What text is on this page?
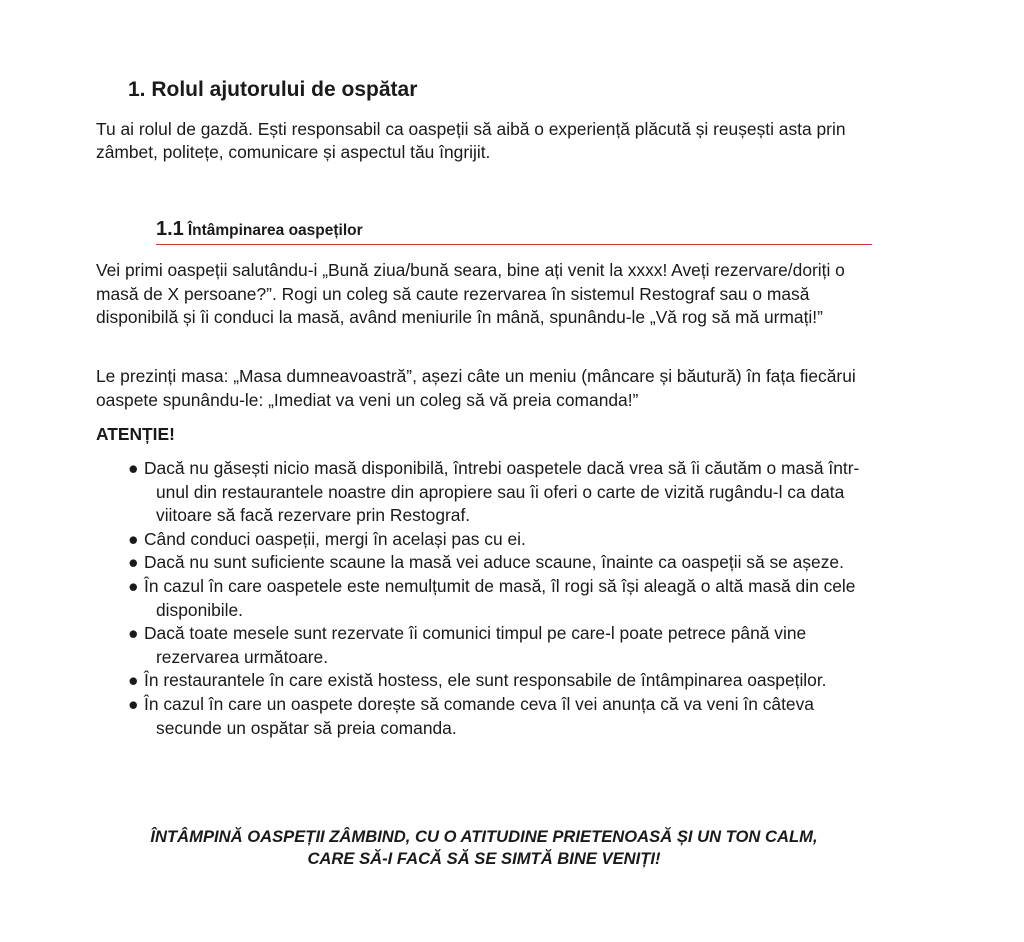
1. Rolul ajutorului de ospătar
Tu ai rolul de gazdă. Ești responsabil ca oaspeții să aibă o experiență plăcută și reușești asta prin zâmbet, politețe, comunicare și aspectul tău îngrijit.
1.1 Întâmpinarea oaspeților
Vei primi oaspeții salutându-i „Bună ziua/bună seara, bine ați venit la xxxx! Aveți rezervare/doriți o masă de X persoane?”. Rogi un coleg să caute rezervarea în sistemul Restograf sau o masă disponibilă și îi conduci la masă, având meniurile în mână, spunându-le „Vă rog să mă urmați!”
Le prezinți masa: „Masa dumneavoastră”, așezi câte un meniu (mâncare și băutură) în fața fiecărui oaspete spunându-le: „Imediat va veni un coleg să vă preia comanda!”
ATENȚIE!
● Dacă nu găsești nicio masă disponibilă, întrebi oaspetele dacă vrea să îi căutăm o masă într-unul din restaurantele noastre din apropiere sau îi oferi o carte de vizită rugându-l ca data viitoare să facă rezervare prin Restograf.
● Când conduci oaspeții, mergi în același pas cu ei.
● Dacă nu sunt suficiente scaune la masă vei aduce scaune, înainte ca oaspeții să se așeze.
● În cazul în care oaspetele este nemulțumit de masă, îl rogi să își aleagă o altă masă din cele disponibile.
● Dacă toate mesele sunt rezervate îi comunici timpul pe care-l poate petrece până vine rezervarea următoare.
● În restaurantele în care există hostess, ele sunt responsabile de întâmpinarea oaspeților.
● În cazul în care un oaspete dorește să comande ceva îl vei anunța că va veni în câteva secunde un ospătar să preia comanda.
ÎNTÂMPINĂ OASPEȚII ZÂMBIND, CU O ATITUDINE PRIETENOASĂ ȘI UN TON CALM,
CARE SĂ-I FACĂ SĂ SE SIMTĂ BINE VENIȚI!
